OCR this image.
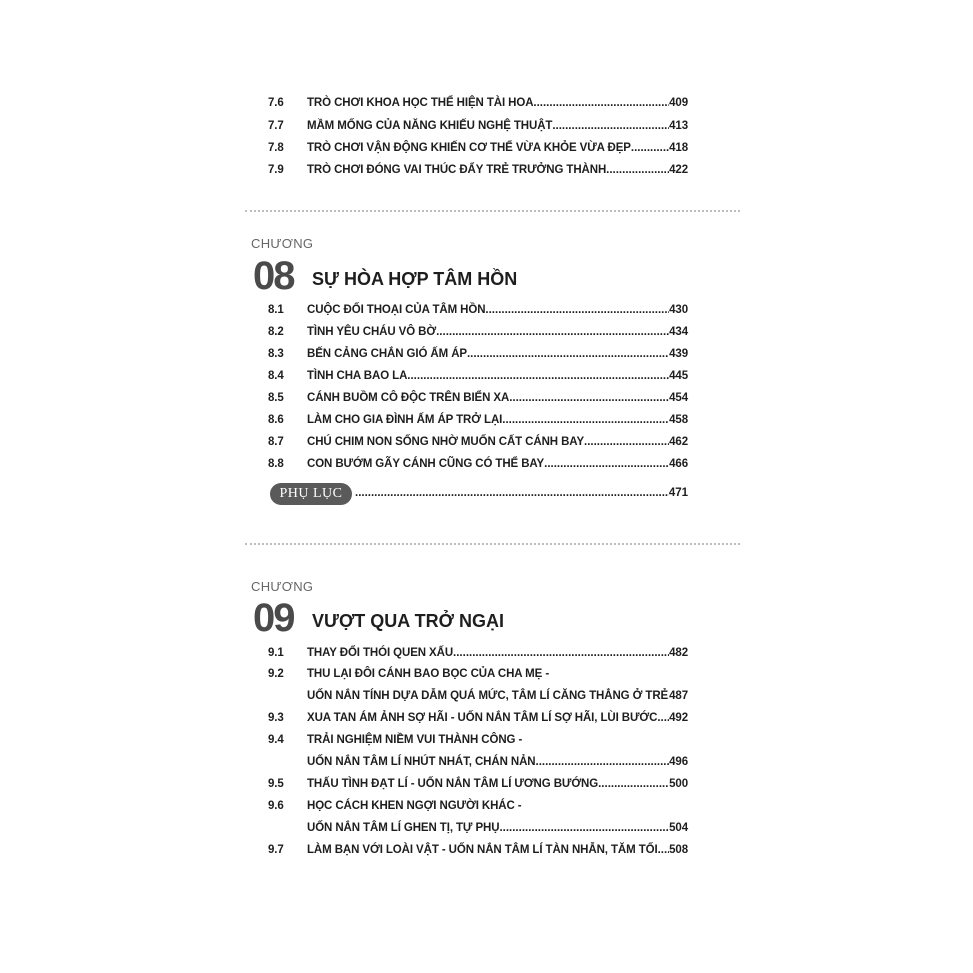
7.6	TRÒ CHƠI KHOA HỌC THỂ HIỆN TÀI HOA .....	409
7.7	MẦM MỐNG CỦA NĂNG KHIẾU NGHỆ THUẬT .....	413
7.8	TRÒ CHƠI VẬN ĐỘNG KHIẾN CƠ THỂ VỪA KHỎE VỪA ĐẸP .....	418
7.9	TRÒ CHƠI ĐÓNG VAI THÚC ĐẨY TRẺ TRƯỞNG THÀNH .....	422
CHƯƠNG
08 SỰ HÒA HỢP TÂM HỒN
8.1	CUỘC ĐỐI THOẠI CỦA TÂM HỒN .....	430
8.2	TÌNH YÊU CHÁU VÔ BỜ .....	434
8.3	BẾN CẢNG CHẮN GIÓ ẤM ÁP .....	439
8.4	TÌNH CHA BAO LA .....	445
8.5	CÁNH BUỒM CÔ ĐỘC TRÊN BIỂN XA .....	454
8.6	LÀM CHO GIA ĐÌNH ẤM ÁP TRỞ LẠI .....	458
8.7	CHÚ CHIM NON SỐNG NHỜ MUỐN CẤT CÁNH BAY .....	462
8.8	CON BƯỚM GÃY CÁNH CŨNG CÓ THỂ BAY .....	466
PHỤ LỤC .....	471
CHƯƠNG
09 VƯỢT QUA TRỞ NGẠI
9.1	THAY ĐỔI THÓI QUEN XẤU .....	482
9.2	THU LẠI ĐÔI CÁNH BAO BỌC CỦA CHA MẸ -
UỐN NẮN TÍNH DỰA DẪM QUÁ MỨC, TÂM LÍ CĂNG THẲNG Ở TRẺ ..... 487
9.3	XUA TAN ÁM ẢNH SỢ HÃI - UỐN NẮN TÂM LÍ SỢ HÃI, LÙI BƯỚC ..... 492
9.4	TRẢI NGHIỆM NIỀM VUI THÀNH CÔNG -
UỐN NẮN TÂM LÍ NHÚT NHÁT, CHÁN NẢN .....	496
9.5	THẤU TÌNH ĐẠT LÍ - UỐN NẮN TÂM LÍ ƯƠNG BƯỚNG .....	500
9.6	HỌC CÁCH KHEN NGỢI NGƯỜI KHÁC -
UỐN NẮN TÂM LÍ GHEN TỊ, TỰ PHỤ .....	504
9.7	LÀM BẠN VỚI LOÀI VẬT - UỐN NẮN TÂM LÍ TÀN NHẪN, TĂM TỐI ..... 508
